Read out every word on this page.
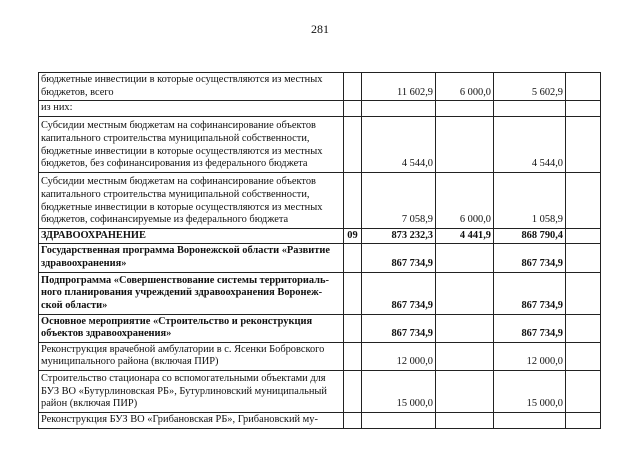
281
бюджетные инвестиции в которые осуществляются из местных бюджетов, всего		11 602,9	6 000,0	5 602,9	
из них:					
Субсидии местным бюджетам на софинансирование объектов капитального строительства муниципальной собственности, бюджетные инвестиции в которые осуществляются из местных бюджетов, без софинансирования из федерального бюджета		4 544,0		4 544,0	
Субсидии местным бюджетам на софинансирование объектов капитального строительства муниципальной собственности, бюджетные инвестиции в которые осуществляются из местных бюджетов, софинансируемые из федерального бюджета		7 058,9	6 000,0	1 058,9	
ЗДРАВООХРАНЕНИЕ	09	873 232,3	4 441,9	868 790,4	
Государственная программа Воронежской области «Развитие здравоохранения»		867 734,9		867 734,9	
Подпрограмма «Совершенствование системы территориаль-ного планирования учреждений здравоохранения Воронеж-ской области»		867 734,9		867 734,9	
Основное мероприятие «Строительство и реконструкция объектов здравоохранения»		867 734,9		867 734,9	
Реконструкция врачебной амбулатории в с. Ясенки Бобровского муниципального района (включая ПИР)		12 000,0		12 000,0	
Строительство стационара со вспомогательными объектами для БУЗ ВО «Бутурлиновская РБ», Бутурлиновский муниципальный район (включая ПИР)		15 000,0		15 000,0	
Реконструкция БУЗ ВО «Грибановская РБ», Грибановский му-					
